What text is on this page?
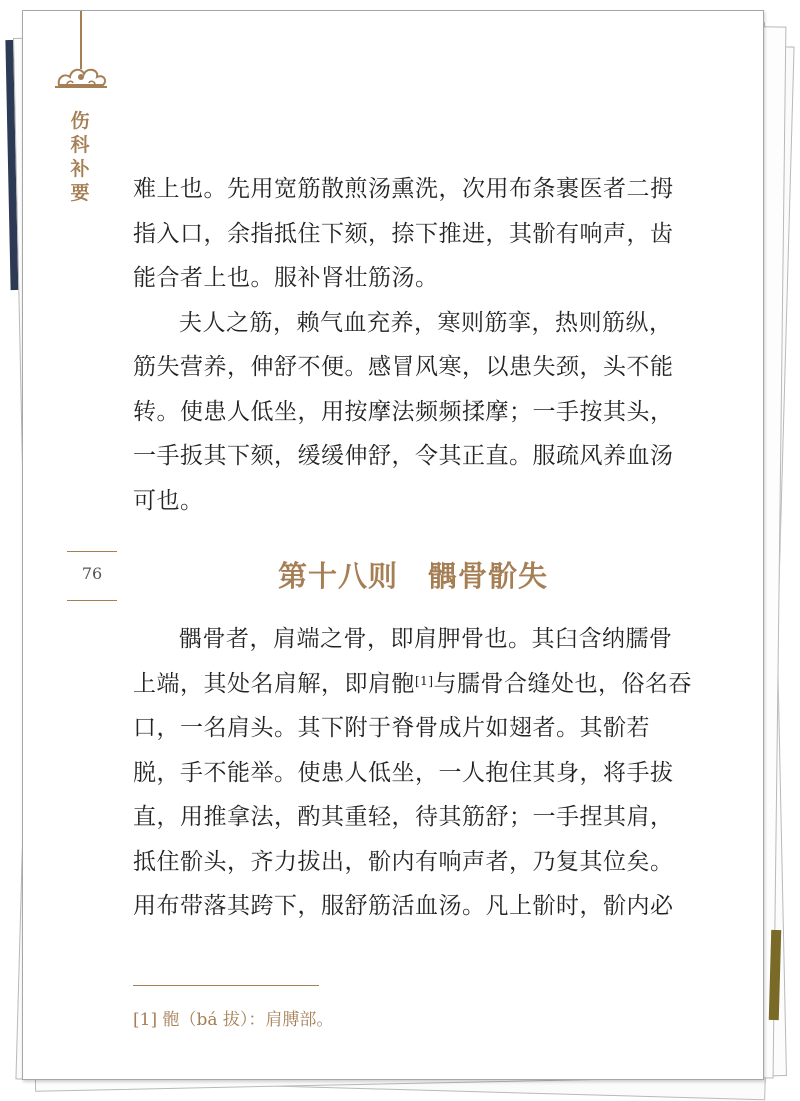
伤科补要 难上也。先用宽筋散煎汤熏洗，次用布条裹医者二拇指入口，余指抵住下颏，捺下推进，其骱有响声，齿能合者上也。服补肾壮筋汤。

夫人之筋，赖气血充养，寒则筋挛，热则筋纵，筋失营养，伸舒不便。感冒风寒，以患失颈，头不能转。使患人低坐，用按摩法频频揉摩；一手按其头，一手扳其下颏，缓缓伸舒，令其正直。服疏风养血汤可也。

76	第十八则　髃骨骱失

髃骨者，肩端之骨，即肩胛骨也。其臼含纳臑骨上端，其处名肩解，即肩骲[1]与臑骨合缝处也，俗名吞口，一名肩头。其下附于脊骨成片如翅者。其骱若脱，手不能举。使患人低坐，一人抱住其身，将手拔直，用推拿法，酌其重轻，待其筋舒；一手捏其肩，抵住骱头，齐力拔出，骱内有响声者，乃复其位矣。用布带落其跨下，服舒筋活血汤。凡上骱时，骱内必

[1] 骲（bá 拔）：肩膊部。
